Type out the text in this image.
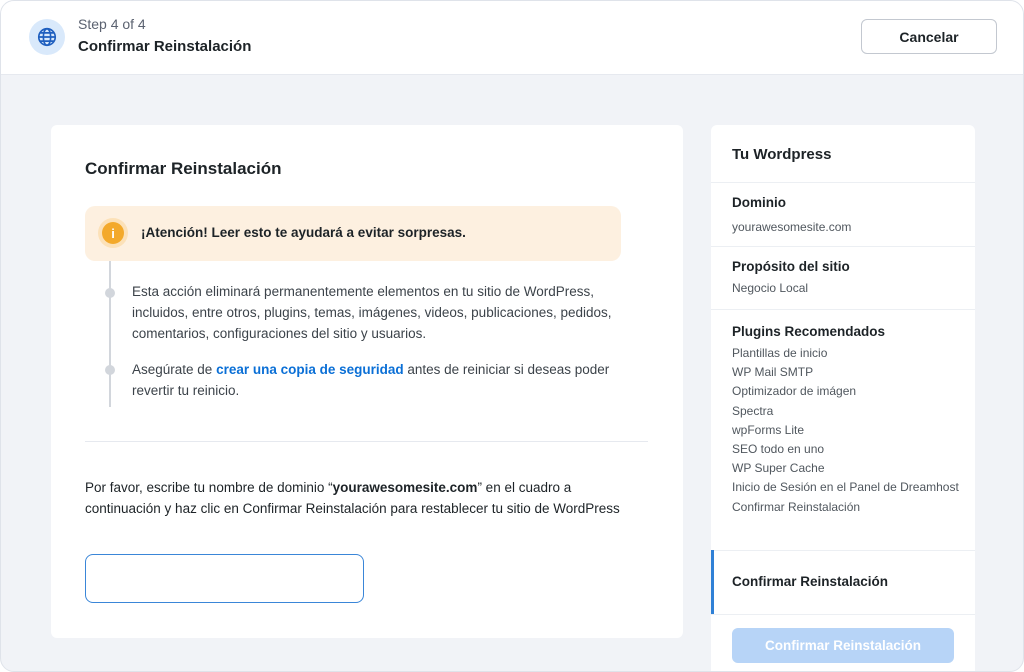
Step 4 of 4
Confirmar Reinstalación
Cancelar
Confirmar Reinstalación
i	¡Atención! Leer esto te ayudará a evitar sorpresas.
Esta acción eliminará permanentemente elementos en tu sitio de WordPress, incluidos, entre otros, plugins, temas, imágenes, videos, publicaciones, pedidos, comentarios, configuraciones del sitio y usuarios.
Asegúrate de crear una copia de seguridad antes de reiniciar si deseas poder revertir tu reinicio.
Por favor, escribe tu nombre de dominio “yourawesomesite.com” en el cuadro a continuación y haz clic en Confirmar Reinstalación para restablecer tu sitio de WordPress
Tu Wordpress
Dominio
yourawesomesite.com
Propósito del sitio
Negocio Local
Plugins Recomendados
Plantillas de inicio
WP Mail SMTP
Optimizador de imágen
Spectra
wpForms Lite
SEO todo en uno
WP Super Cache
Inicio de Sesión en el Panel de Dreamhost
Confirmar Reinstalación
Confirmar Reinstalación
Confirmar Reinstalación
